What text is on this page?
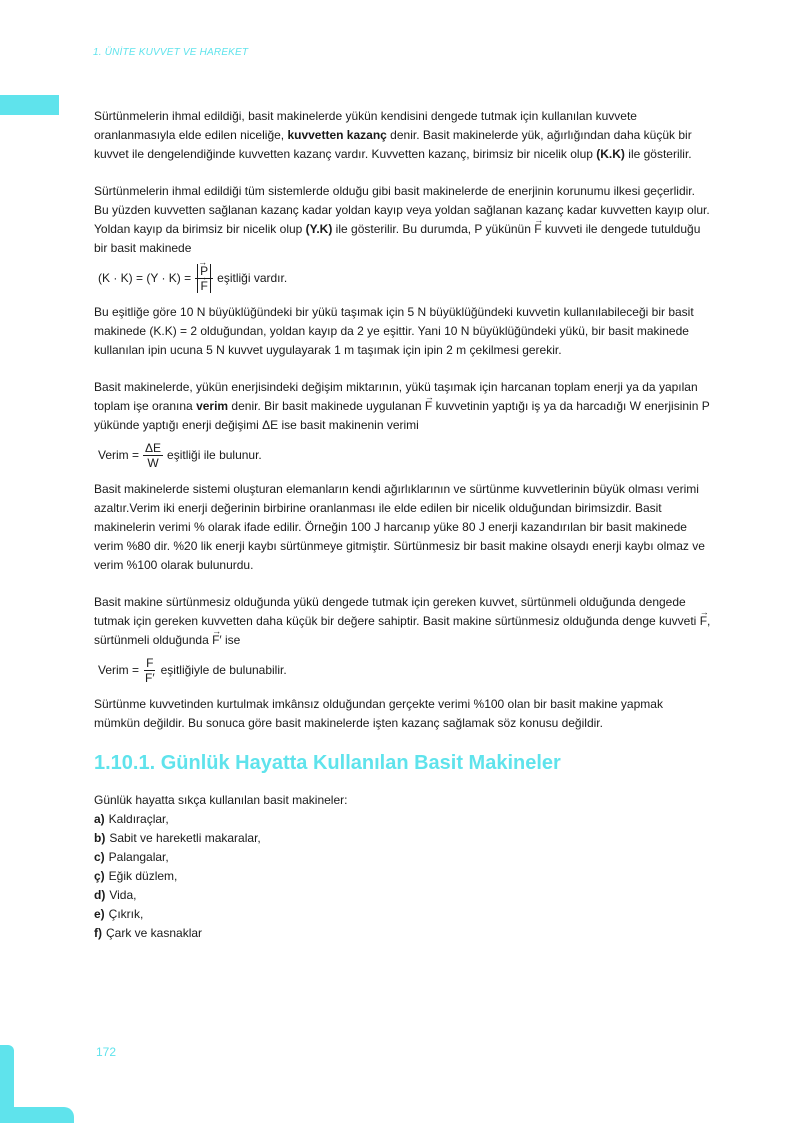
1. ÜNİTE KUVVET VE HAREKET

Sürtünmelerin ihmal edildiği, basit makinelerde yükün kendisini dengede tutmak için kullanılan kuvvete oranlanmasıyla elde edilen niceliğe, kuvvetten kazanç denir. Basit makinelerde yük, ağırlığından daha küçük bir kuvvet ile dengelendiğinde kuvvetten kazanç vardır. Kuvvetten kazanç, birimsiz bir nicelik olup (K.K) ile gösterilir.

Sürtünmelerin ihmal edildiği tüm sistemlerde olduğu gibi basit makinelerde de enerjinin korunumu ilkesi geçerlidir. Bu yüzden kuvvetten sağlanan kazanç kadar yoldan kayıp veya yoldan sağlanan kazanç kadar kuvvetten kayıp olur. Yoldan kayıp da birimsiz bir nicelik olup (Y.K) ile gösterilir. Bu durumda, P yükünün → F kuvveti ile dengede tutulduğu bir basit makinede

(K · K) = (Y · K) =
→ P
→ F eşitliği vardır.

Bu eşitliğe göre 10 N büyüklüğündeki bir yükü taşımak için 5 N büyüklüğündeki kuvvetin kullanılabileceği bir basit makinede (K.K) = 2 olduğundan, yoldan kayıp da 2 ye eşittir. Yani 10 N büyüklüğündeki yükü, bir basit makinede kullanılan ipin ucuna 5 N kuvvet uygulayarak 1 m taşımak için ipin 2 m çekilmesi gerekir.

Basit makinelerde, yükün enerjisindeki değişim miktarının, yükü taşımak için harcanan toplam enerji ya da yapılan toplam işe oranına verim denir. Bir basit makinede uygulanan → F kuvvetinin yaptığı iş ya da harcadığı W enerjisinin P yükünde yaptığı enerji değişimi ΔE ise basit makinenin verimi

Verim = $\frac{\Delta E}{W}$ eşitliği ile bulunur.

Basit makinelerde sistemi oluşturan elemanların kendi ağırlıklarının ve sürtünme kuvvetlerinin büyük olması verimi azaltır.Verim iki enerji değerinin birbirine oranlanması ile elde edilen bir nicelik olduğundan birimsizdir. Basit makinelerin verimi % olarak ifade edilir. Örneğin 100 J harcanıp yüke 80 J enerji kazandırılan bir basit makinede verim %80 dir. %20 lik enerji kaybı sürtünmeye gitmiştir. Sürtünmesiz bir basit makine olsaydı enerji kaybı olmaz ve verim %100 olarak bulunurdu.

Basit makine sürtünmesiz olduğunda yükü dengede tutmak için gereken kuvvet, sürtünmeli olduğunda dengede tutmak için gereken kuvvetten daha küçük bir değere sahiptir. Basit makine sürtünmesiz olduğunda denge kuvveti → F, sürtünmeli olduğunda → F′ ise

Verim = $\frac{F}{F'}$ eşitliğiyle de bulunabilir.

Sürtünme kuvvetinden kurtulmak imkânsız olduğundan gerçekte verimi %100 olan bir basit makine yapmak mümkün değildir. Bu sonuca göre basit makinelerde işten kazanç sağlamak söz konusu değildir.

1.10.1. Günlük Hayatta Kullanılan Basit Makineler

Günlük hayatta sıkça kullanılan basit makineler:

a) Kaldıraçlar,
b) Sabit ve hareketli makaralar,
c) Palangalar,
ç) Eğik düzlem,
d) Vida,
e) Çıkrık,
f) Çark ve kasnaklar
172
